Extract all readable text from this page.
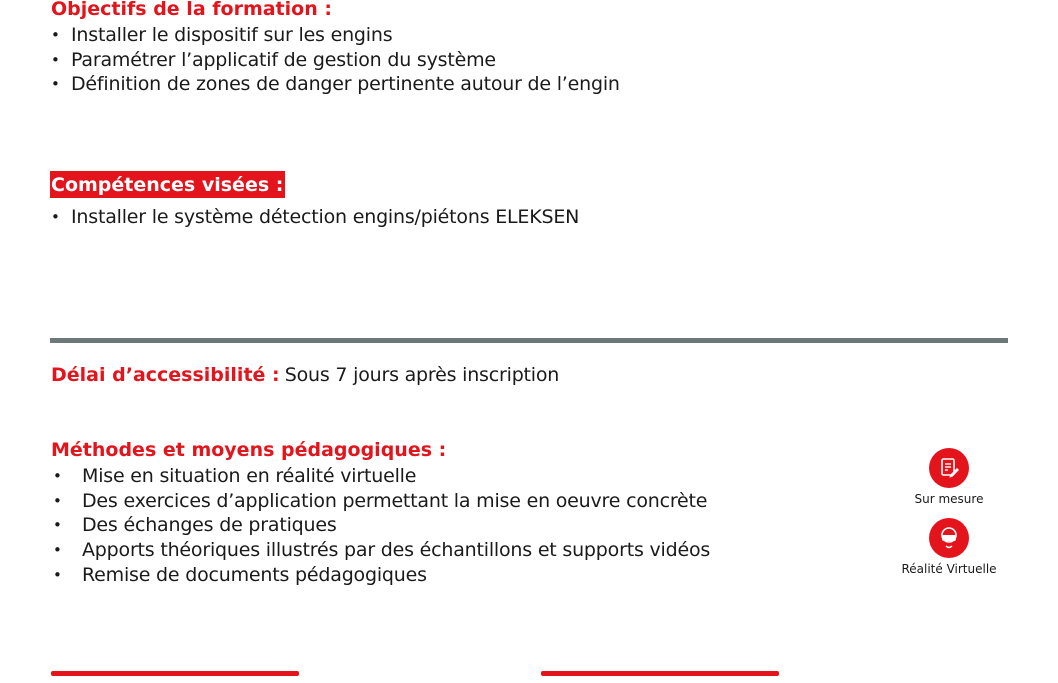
Objectifs de la formation :
• Installer le dispositif sur les engins
• Paramétrer l’applicatif de gestion du système
• Définition de zones de danger pertinente autour de l’engin
Compétences visées :
• Installer le système détection engins/piétons ELEKSEN
Délai d’accessibilité : Sous 7 jours après inscription
Méthodes et moyens pédagogiques :
• Mise en situation en réalité virtuelle
• Des exercices d’application permettant la mise en oeuvre concrète
• Des échanges de pratiques
• Apports théoriques illustrés par des échantillons et supports vidéos
• Remise de documents pédagogiques
Sur mesure
Réalité Virtuelle
